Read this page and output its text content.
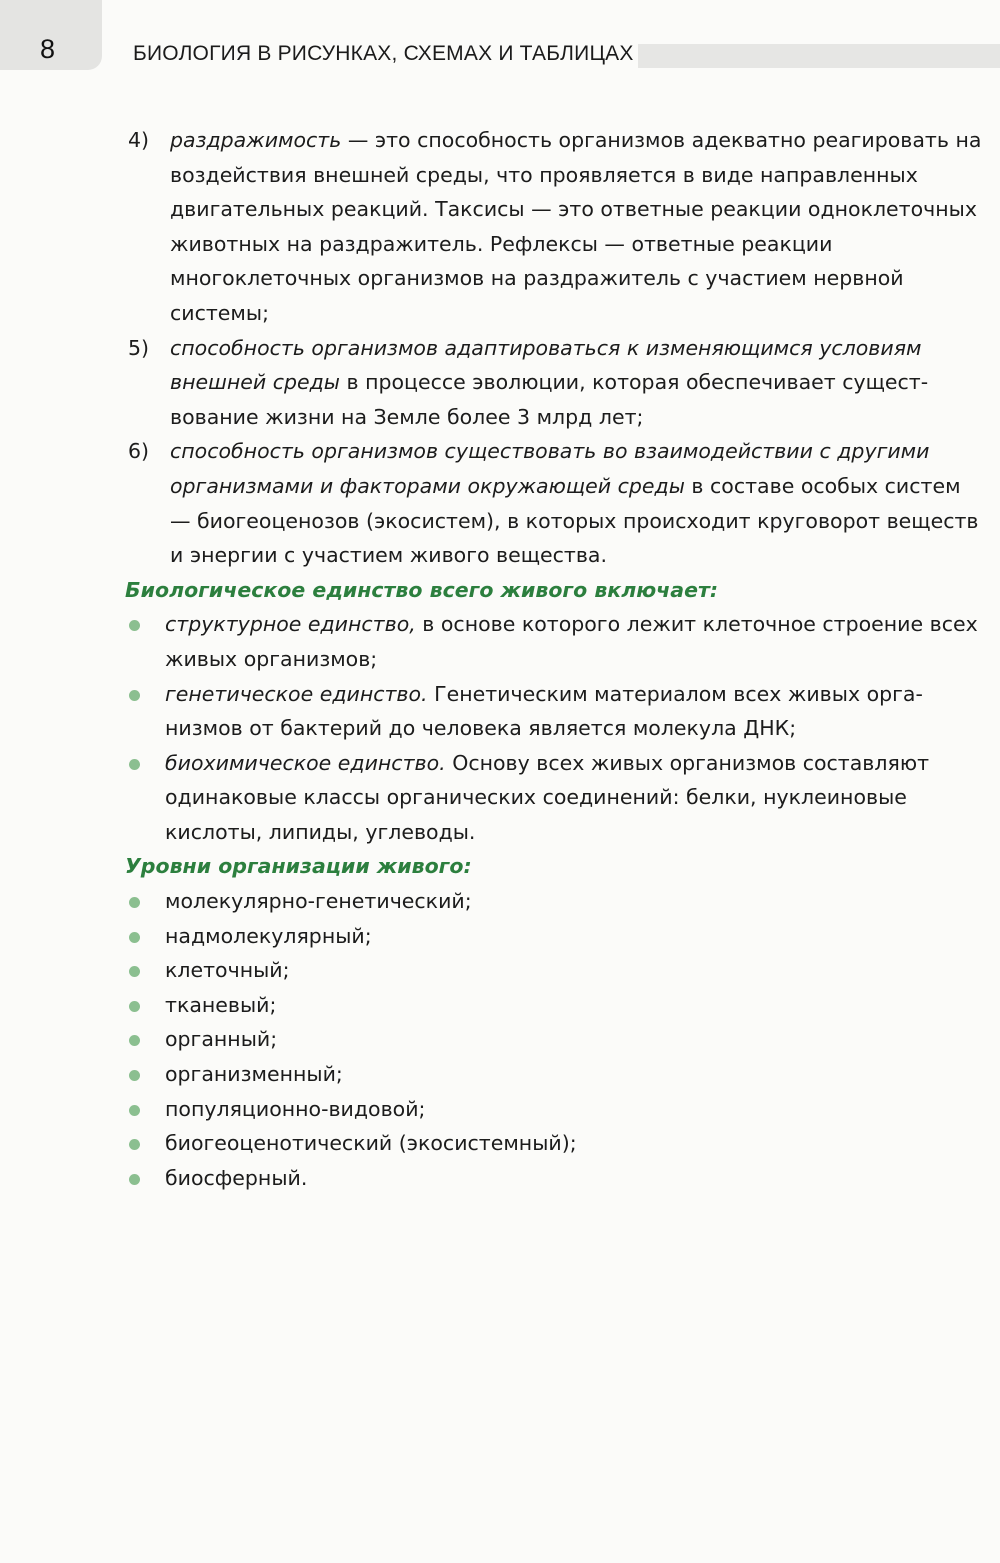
8	БИОЛОГИЯ В РИСУНКАХ, СХЕМАХ И ТАБЛИЦАХ
4) раздражимость — это способность организмов адекватно реагировать на воздействия внешней среды, что проявляется в виде направленных двигательных реакций. Таксисы — это ответные реакции одноклеточных животных на раздражитель. Рефлексы — ответные реакции многоклеточных организмов на раздражитель с участием нервной системы;
5) способность организмов адаптироваться к изменяющимся условиям внешней среды в процессе эволюции, которая обеспечивает существование жизни на Земле более 3 млрд лет;
6) способность организмов существовать во взаимодействии с другими организмами и факторами окружающей среды в составе особых систем — биогеоценозов (экосистем), в которых происходит круговорот веществ и энергии с участием живого вещества.
Биологическое единство всего живого включает:
структурное единство, в основе которого лежит клеточное строение всех живых организмов;
генетическое единство. Генетическим материалом всех живых организмов от бактерий до человека является молекула ДНК;
биохимическое единство. Основу всех живых организмов составляют одинаковые классы органических соединений: белки, нуклеиновые кислоты, липиды, углеводы.
Уровни организации живого:
молекулярно-генетический;
надмолекулярный;
клеточный;
тканевый;
органный;
организменный;
популяционно-видовой;
биогеоценотический (экосистемный);
биосферный.
